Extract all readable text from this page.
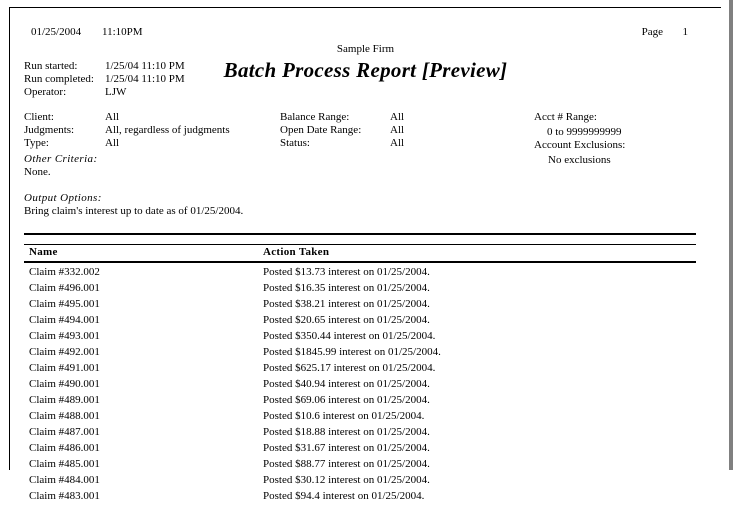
01/25/2004 11:10PM	Page 1
Sample Firm
Batch Process Report [Preview]
Run started:	1/25/04 11:10 PM
Run completed: 1/25/04 11:10 PM
Operator:	LJW
Client:	All
Judgments:	All, regardless of judgments
Type:	All
Balance Range:	All
Open Date Range:	All
Status:	All
Acct # Range:
0 to 9999999999
Account Exclusions:
No exclusions
Other Criteria:
None.
Output Options:
Bring claim's interest up to date as of 01/25/2004.
Name	Action Taken
Claim #332.002	Posted $13.73 interest on 01/25/2004.
Claim #496.001	Posted $16.35 interest on 01/25/2004.
Claim #495.001	Posted $38.21 interest on 01/25/2004.
Claim #494.001	Posted $20.65 interest on 01/25/2004.
Claim #493.001	Posted $350.44 interest on 01/25/2004.
Claim #492.001	Posted $1845.99 interest on 01/25/2004.
Claim #491.001	Posted $625.17 interest on 01/25/2004.
Claim #490.001	Posted $40.94 interest on 01/25/2004.
Claim #489.001	Posted $69.06 interest on 01/25/2004.
Claim #488.001	Posted $10.6 interest on 01/25/2004.
Claim #487.001	Posted $18.88 interest on 01/25/2004.
Claim #486.001	Posted $31.67 interest on 01/25/2004.
Claim #485.001	Posted $88.77 interest on 01/25/2004.
Claim #484.001	Posted $30.12 interest on 01/25/2004.
Claim #483.001	Posted $94.4 interest on 01/25/2004.
